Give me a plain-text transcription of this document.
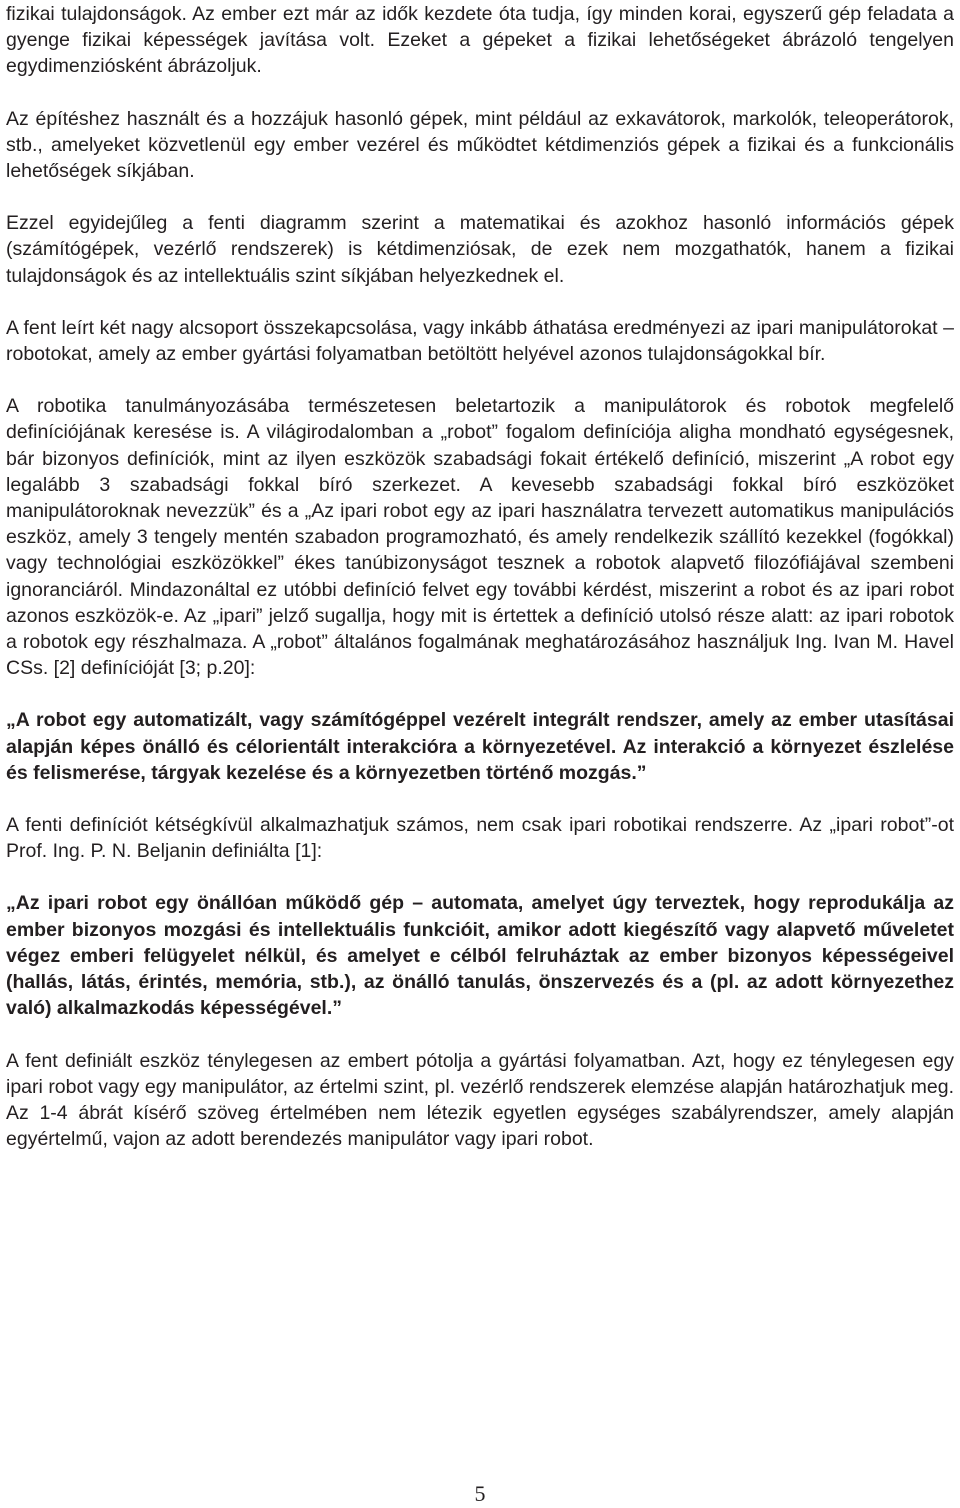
fizikai tulajdonságok. Az ember ezt már az idők kezdete óta tudja, így minden korai, egyszerű gép feladata a gyenge fizikai képességek javítása volt. Ezeket a gépeket a fizikai lehetőségeket ábrázoló tengelyen egydimenziósként ábrázoljuk.

Az építéshez használt és a hozzájuk hasonló gépek, mint például az exkavátorok, markolók, teleoperátorok, stb., amelyeket közvetlenül egy ember vezérel és működtet kétdimenziós gépek a fizikai és a funkcionális lehetőségek síkjában.

Ezzel egyidejűleg a fenti diagramm szerint a matematikai és azokhoz hasonló információs gépek (számítógépek, vezérlő rendszerek) is kétdimenziósak, de ezek nem mozgathatók, hanem a fizikai tulajdonságok és az intellektuális szint síkjában helyezkednek el.

A fent leírt két nagy alcsoport összekapcsolása, vagy inkább áthatása eredményezi az ipari manipulátorokat – robotokat, amely az ember gyártási folyamatban betöltött helyével azonos tulajdonságokkal bír.

A robotika tanulmányozásába természetesen beletartozik a manipulátorok és robotok megfelelő definíciójának keresése is. A világirodalomban a „robot” fogalom definíciója aligha mondható egységesnek, bár bizonyos definíciók, mint az ilyen eszközök szabadsági fokait értékelő definíció, miszerint „A robot egy legalább 3 szabadsági fokkal bíró szerkezet. A kevesebb szabadsági fokkal bíró eszközöket manipulátoroknak nevezzük” és a „Az ipari robot egy az ipari használatra tervezett automatikus manipulációs eszköz, amely 3 tengely mentén szabadon programozható, és amely rendelkezik szállító kezekkel (fogókkal) vagy technológiai eszközökkel” ékes tanúbizonyságot tesznek a robotok alapvető filozófiájával szembeni ignoranciáról. Mindazonáltal ez utóbbi definíció felvet egy további kérdést, miszerint a robot és az ipari robot azonos eszközök-e. Az „ipari” jelző sugallja, hogy mit is értettek a definíció utolsó része alatt: az ipari robotok a robotok egy részhalmaza. A „robot” általános fogalmának meghatározásához használjuk Ing. Ivan M. Havel CSs. [2] definícióját [3; p.20]:

„A robot egy automatizált, vagy számítógéppel vezérelt integrált rendszer, amely az ember utasításai alapján képes önálló és célorientált interakcióra a környezetével. Az interakció a környezet észlelése és felismerése, tárgyak kezelése és a környezetben történő mozgás.”

A fenti definíciót kétségkívül alkalmazhatjuk számos, nem csak ipari robotikai rendszerre. Az „ipari robot”-ot Prof. Ing. P. N. Beljanin definiálta [1]:

„Az ipari robot egy önállóan működő gép – automata, amelyet úgy terveztek, hogy reprodukálja az ember bizonyos mozgási és intellektuális funkcióit, amikor adott kiegészítő vagy alapvető műveletet végez emberi felügyelet nélkül, és amelyet e célból felruháztak az ember bizonyos képességeivel (hallás, látás, érintés, memória, stb.), az önálló tanulás, önszervezés és a (pl. az adott környezethez való) alkalmazkodás képességével.”

A fent definiált eszköz ténylegesen az embert pótolja a gyártási folyamatban. Azt, hogy ez ténylegesen egy ipari robot vagy egy manipulátor, az értelmi szint, pl. vezérlő rendszerek elemzése alapján határozhatjuk meg. Az 1-4 ábrát kísérő szöveg értelmében nem létezik egyetlen egységes szabályrendszer, amely alapján egyértelmű, vajon az adott berendezés manipulátor vagy ipari robot.

5
